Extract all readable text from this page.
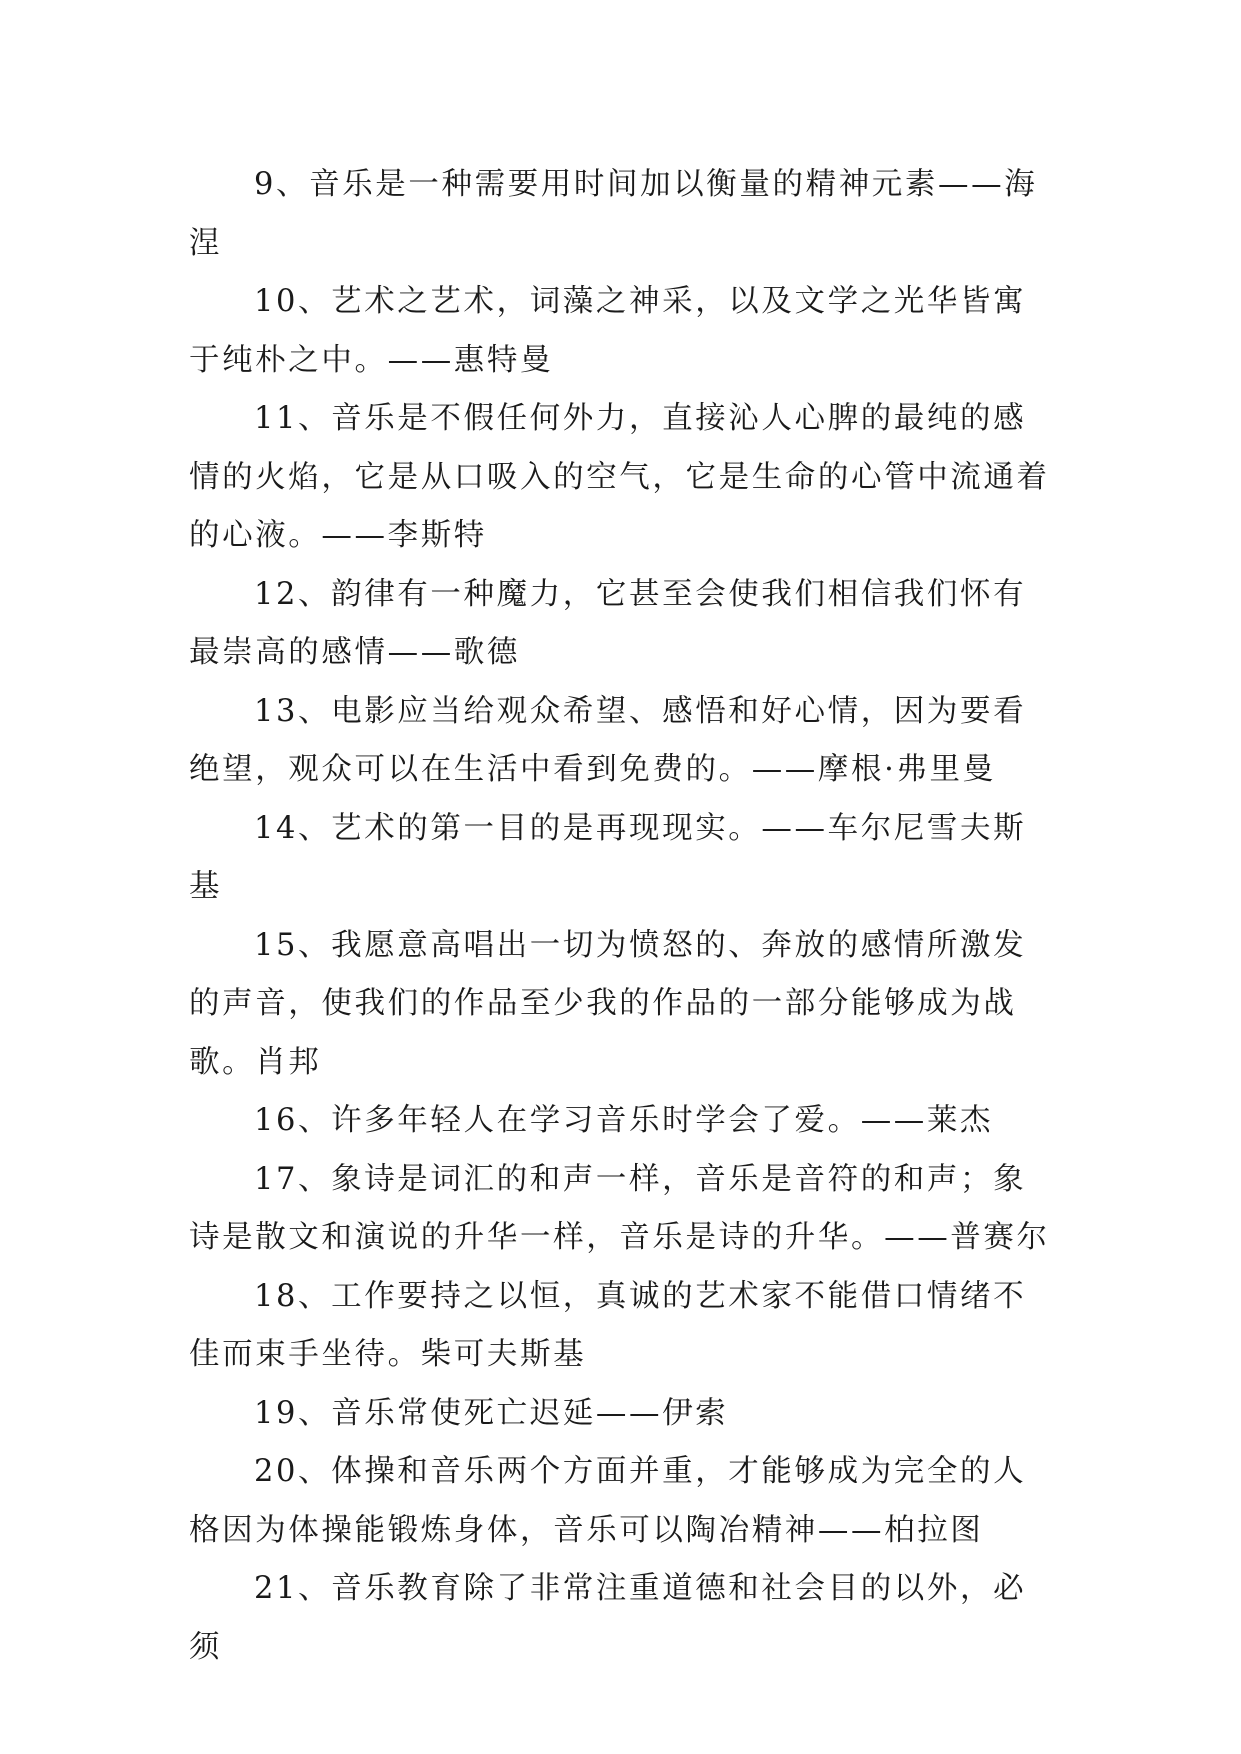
9、音乐是一种需要用时间加以衡量的精神元素——海涅

10、艺术之艺术，词藻之神采，以及文学之光华皆寓于纯朴之中。——惠特曼

11、音乐是不假任何外力，直接沁人心脾的最纯的感情的火焰，它是从口吸入的空气，它是生命的心管中流通着的心液。——李斯特

12、韵律有一种魔力，它甚至会使我们相信我们怀有最崇高的感情——歌德

13、电影应当给观众希望、感悟和好心情，因为要看绝望，观众可以在生活中看到免费的。——摩根·弗里曼

14、艺术的第一目的是再现现实。——车尔尼雪夫斯基

15、我愿意高唱出一切为愤怒的、奔放的感情所激发的声音，使我们的作品至少我的作品的一部分能够成为战歌。肖邦

16、许多年轻人在学习音乐时学会了爱。——莱杰

17、象诗是词汇的和声一样，音乐是音符的和声；象诗是散文和演说的升华一样，音乐是诗的升华。——普赛尔

18、工作要持之以恒，真诚的艺术家不能借口情绪不佳而束手坐待。柴可夫斯基

19、音乐常使死亡迟延——伊索

20、体操和音乐两个方面并重，才能够成为完全的人格因为体操能锻炼身体，音乐可以陶冶精神——柏拉图

21、音乐教育除了非常注重道德和社会目的以外，必须
